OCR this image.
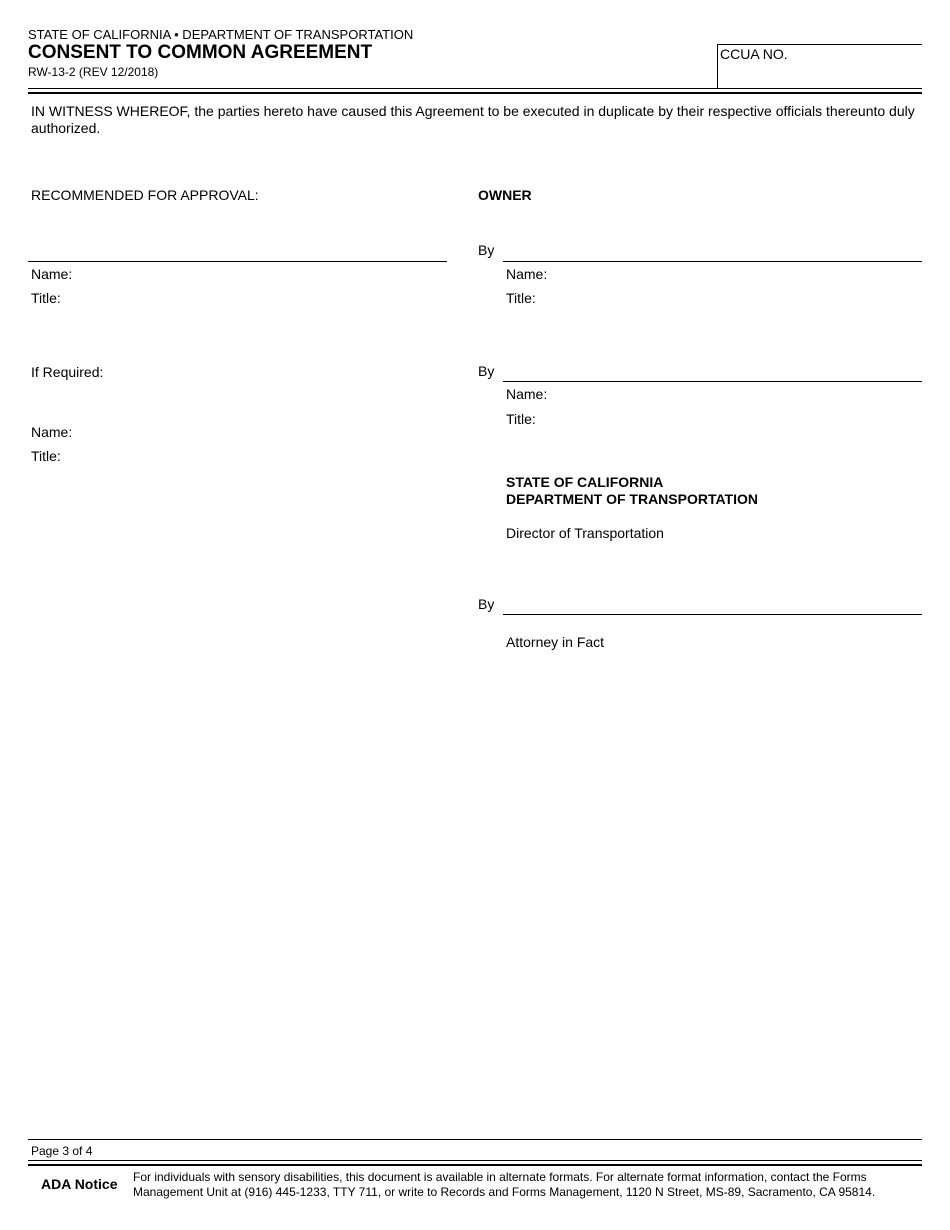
STATE OF CALIFORNIA • DEPARTMENT OF TRANSPORTATION
CONSENT TO COMMON AGREEMENT
RW-13-2 (REV 12/2018)
CCUA NO.
IN WITNESS WHEREOF, the parties hereto have caused this Agreement to be executed in duplicate by their respective officials thereunto duly authorized.
RECOMMENDED FOR APPROVAL:
Name:
Title:
If Required:
Name:
Title:
OWNER
By
Name:
Title:
By
Name:
Title:
STATE OF CALIFORNIA
DEPARTMENT OF TRANSPORTATION
Director of Transportation
By
Attorney in Fact
Page 3 of 4
ADA Notice For individuals with sensory disabilities, this document is available in alternate formats. For alternate format information, contact the Forms Management Unit at (916) 445-1233, TTY 711, or write to Records and Forms Management, 1120 N Street, MS-89, Sacramento, CA 95814.
